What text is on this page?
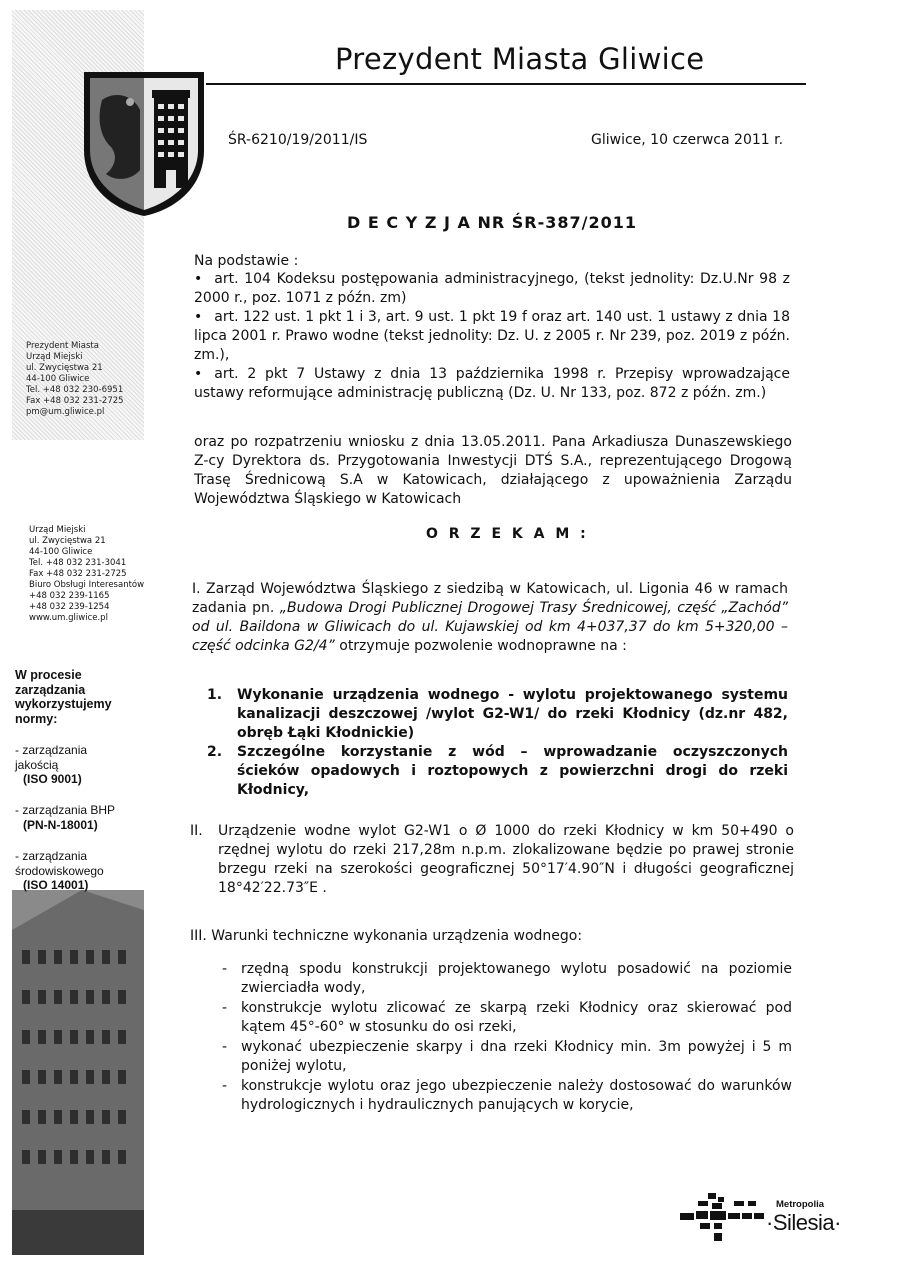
Prezydent Miasta Gliwice
ŚR-6210/19/2011/IS	Gliwice, 10 czerwca 2011 r.
D E C Y Z J A NR ŚR-387/2011
Na podstawie :
• art. 104 Kodeksu postępowania administracyjnego, (tekst jednolity: Dz.U.Nr 98 z 2000 r., poz. 1071 z późn. zm)
• art. 122 ust. 1 pkt 1 i 3, art. 9 ust. 1 pkt 19 f oraz art. 140 ust. 1 ustawy z dnia 18 lipca 2001 r. Prawo wodne (tekst jednolity: Dz. U. z 2005 r. Nr 239, poz. 2019 z późn. zm.),
• art. 2 pkt 7 Ustawy z dnia 13 października 1998 r. Przepisy wprowadzające ustawy reformujące administrację publiczną (Dz. U. Nr 133, poz. 872 z późn. zm.)
oraz po rozpatrzeniu wniosku z dnia 13.05.2011. Pana Arkadiusza Dunaszewskiego Z-cy Dyrektora ds. Przygotowania Inwestycji DTŚ S.A., reprezentującego Drogową Trasę Średnicową S.A w Katowicach, działającego z upoważnienia Zarządu Województwa Śląskiego w Katowicach
O R Z E K A M :
I. Zarząd Województwa Śląskiego z siedzibą w Katowicach, ul. Ligonia 46 w ramach zadania pn. „Budowa Drogi Publicznej Drogowej Trasy Średnicowej, część „Zachód” od ul. Baildona w Gliwicach do ul. Kujawskiej od km 4+037,37 do km 5+320,00 – część odcinka G2/4” otrzymuje pozwolenie wodnoprawne na :
1.	Wykonanie urządzenia wodnego - wylotu projektowanego systemu kanalizacji deszczowej /wylot G2-W1/ do rzeki Kłodnicy (dz.nr 482, obręb Łąki Kłodnickie)
2.	Szczególne korzystanie z wód – wprowadzanie oczyszczonych ścieków opadowych i roztopowych z powierzchni drogi do rzeki Kłodnicy,
II.	Urządzenie wodne wylot G2-W1 o Ø 1000 do rzeki Kłodnicy w km 50+490 o rzędnej wylotu do rzeki 217,28m n.p.m. zlokalizowane będzie po prawej stronie brzegu rzeki na szerokości geograficznej 50°17′4.90″N i długości geograficznej 18°42′22.73″E .
III. Warunki techniczne wykonania urządzenia wodnego:
- rzędną spodu konstrukcji projektowanego wylotu posadowić na poziomie zwierciadła wody,
- konstrukcje wylotu zlicować ze skarpą rzeki Kłodnicy oraz skierować pod kątem 45°-60° w stosunku do osi rzeki,
- wykonać ubezpieczenie skarpy i dna rzeki Kłodnicy min. 3m powyżej i 5 m poniżej wylotu,
- konstrukcje wylotu oraz jego ubezpieczenie należy dostosować do warunków hydrologicznych i hydraulicznych panujących w korycie,
Prezydent Miasta
Urząd Miejski
ul. Zwycięstwa 21
44-100 Gliwice
Tel. +48 032 230-6951
Fax +48 032 231-2725
pm@um.gliwice.pl
Urząd Miejski
ul. Zwycięstwa 21
44-100 Gliwice
Tel. +48 032 231-3041
Fax +48 032 231-2725
Biuro Obsługi Interesantów
+48 032 239-1165
+48 032 239-1254
www.um.gliwice.pl
W procesie
zarządzania
wykorzystujemy
normy:
- zarządzania jakością
(ISO 9001)
- zarządzania BHP
(PN-N-18001)
- zarządzania środowiskowego
(ISO 14001)
Metropolia
·Silesia·
